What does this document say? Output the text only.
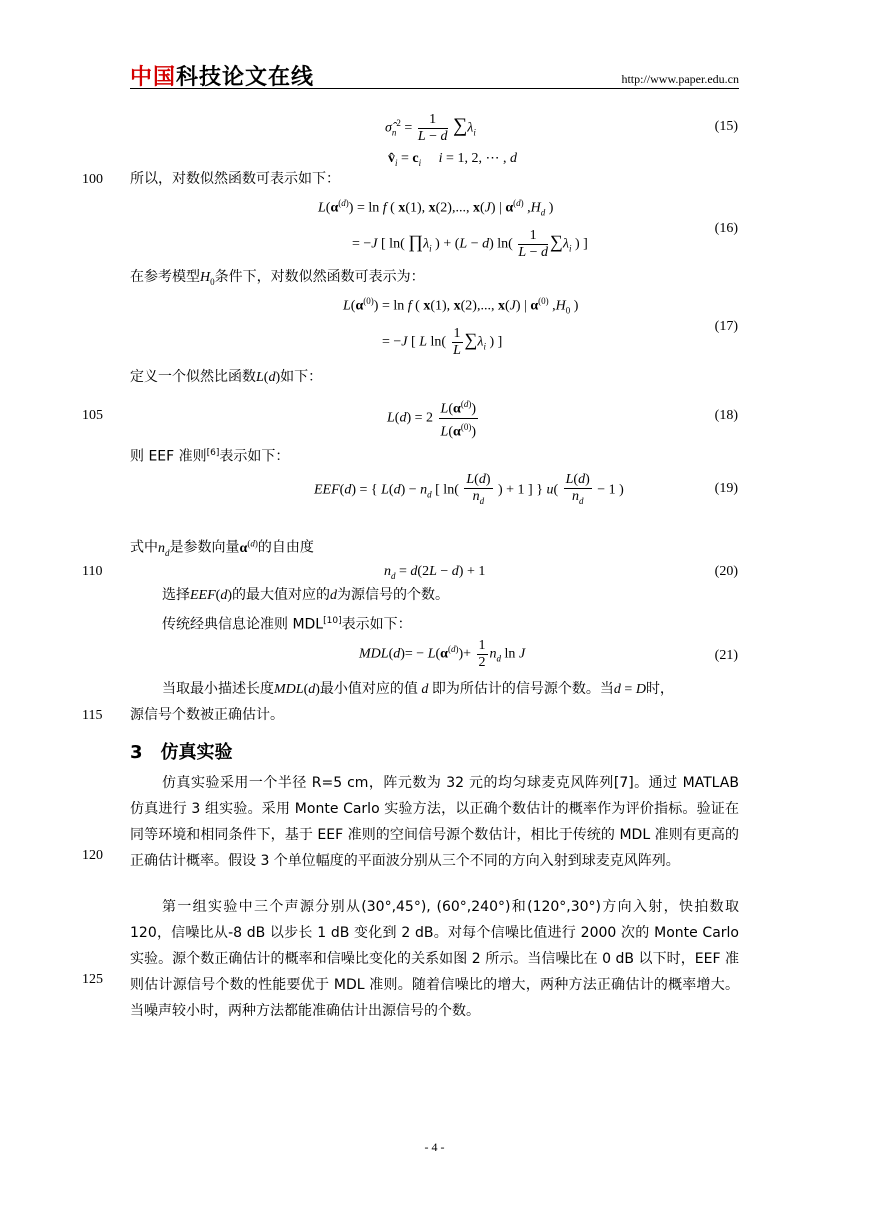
中国科技论文在线	http://www.paper.edu.cn
$\sigmâ_n^2 = \frac{1}{L - d} \sum\lambda_i$
$v̂_i = c_i$ i = 1, 2, ⋯ , d
(15)
100 所以，对数似然函数可表示如下：
$L(\alpha^{(d)}) = \ln f$ ( x(1), x(2),..., x(J) | $\alpha^{(d)}$ $,H_d$ )
= −J [ ln( $\prod\lambda_i$ ) + (L − d) $\ln( \frac{1}{L - d} \sum\lambda_i$ ) ]
(16)
在参考模型$H_0$条件下，对数似然函数可表示为：
$L(\alpha^{(0)}) = \ln f$ ( x(1), x(2),..., x(J) | $\alpha^{(0)}$ $,H_0$ )
= −J [ L $\ln( \frac{1}{L} \sum\lambda_i$ ) ]
(17)
定义一个似然比函数L(d)如下：
105	$L(d) = 2 \frac{L(\alpha^{(d)})}{L(\alpha^{(0)})}$	(18)
则 EEF 准则[6]表示如下：
EEF(d) = { $L(d) - n_d$ [ $\ln( \frac{L(d)}{n_d}$ ) + 1 ] } $u( \frac{L(d)}{n_d} - 1$ )	(19)
式中$n_d$是参数向量$\alpha^{(d)}$的自由度
110	$n_d = d(2L - d) + 1$	(20)
选择EEF(d)的最大值对应的d为源信号的个数。
传统经典信息论准则 MDL[10]表示如下：
$MDL(d)= - L(\alpha^{(d)})+ \frac{1}{2} n_d$ ln J	(21)
当取最小描述长度MDL(d)最小值对应的值 d 即为所估计的信号源个数。当d = D时，
115 源信号个数被正确估计。
3　仿真实验
仿真实验采用一个半径 R=5 cm，阵元数为 32 元的均匀球麦克风阵列[7]。通过 MATLAB 仿真进行 3 组实验。采用 Monte Carlo 实验方法，以正确个数估计的概率作为评价指标。验证在同等环境和相同条件下，基于 EEF 准则的空间信号源个数估计，相比于传统的 MDL 准则有更高的正确估计概率。假设 3 个单位幅度的平面波分别从三个不同的方向入射到球麦克风阵列。
120
第一组实验中三个声源分别从(30°,45°), (60°,240°)和(120°,30°)方向入射，快拍数取 120，信噪比从-8 dB 以步长 1 dB 变化到 2 dB。对每个信噪比值进行 2000 次的 Monte Carlo 实验。源个数正确估计的概率和信噪比变化的关系如图 2 所示。当信噪比在 0 dB 以下时，EEF 准则估计源信号个数的性能要优于 MDL 准则。随着信噪比的增大，两种方法正确估计的概率增大。当噪声较小时，两种方法都能准确估计出源信号的个数。
125
- 4 -
